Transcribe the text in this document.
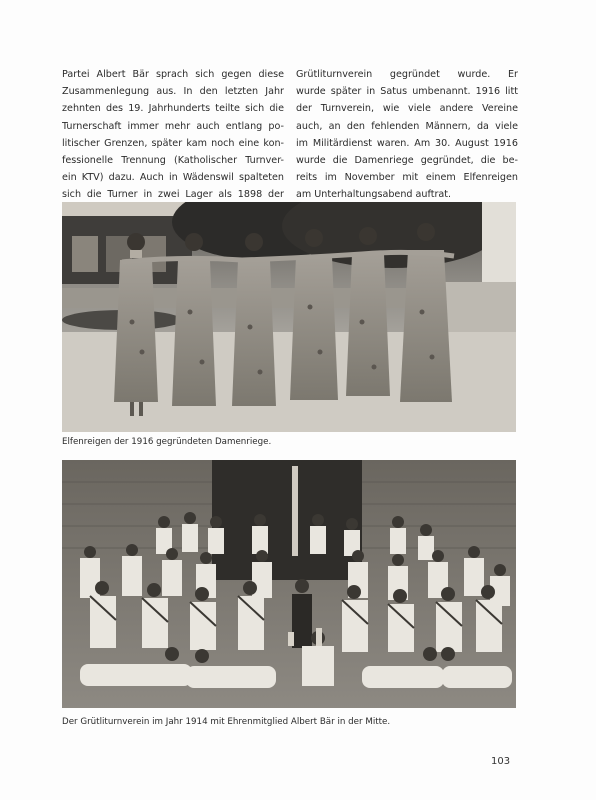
Partei Albert Bär sprach sich gegen diese
Zusammenlegung aus. In den letzten Jahr
zehnten des 19. Jahrhunderts teilte sich die
Turnerschaft immer mehr auch entlang po-
litischer Grenzen, später kam noch eine kon-
fessionelle Trennung (Katholischer Turnver-
ein KTV) dazu. Auch in Wädenswil spalteten
sich die Turner in zwei Lager als 1898 der
Grütliturnverein gegründet wurde. Er
wurde später in Satus umbenannt. 1916 litt
der Turnverein, wie viele andere Vereine
auch, an den fehlenden Männern, da viele
im Militärdienst waren. Am 30. August 1916
wurde die Damenriege gegründet, die be-
reits im November mit einem Elfenreigen
am Unterhaltungsabend auftrat.
Elfenreigen der 1916 gegründeten Damenriege.
Der Grütliturnverein im Jahr 1914 mit Ehrenmitglied Albert Bär in der Mitte.
103
